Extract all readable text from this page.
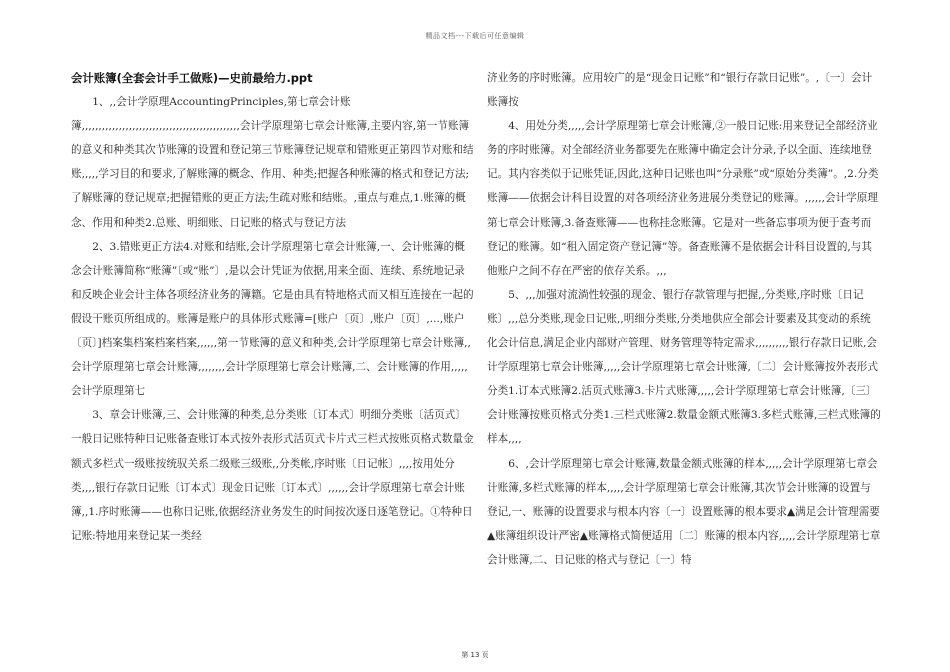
精品文档---下载后可任意编辑
会计账簿(全套会计手工做账)—史前最给力.ppt

1、,,会计学原理AccountingPrinciples,第七章会计账簿,,,,,,,,,,,,,,,,,,,,,,,,,,,,,,,,,,,,,,,,,,,,,,,会计学原理第七章会计账簿,主要内容,第一节账簿的意义和种类其次节账簿的设置和登记第三节账簿登记规章和错账更正第四节对账和结账,,,,,学习目的和要求,了解账簿的概念、作用、种类;把握各种账簿的格式和登记方法;了解账簿的登记规章;把握错账的更正方法;生疏对账和结账。,重点与难点,1.账簿的概念、作用和种类2.总账、明细账、日记账的格式与登记方法

2、3.错账更正方法4.对账和结账,会计学原理第七章会计账簿,一、会计账簿的概念会计账簿简称“账簿”〔或“账”〕,是以会计凭证为依据,用来全面、连续、系统地记录和反映企业会计主体各项经济业务的簿籍。它是由具有特地格式而又相互连接在一起的假设干账页所组成的。账簿是账户的具体形式账簿=[账户〔页〕,账户〔页〕,...,账户〔页〕]档案集档案档案档案,,,,,,第一节账簿的意义和种类,会计学原理第七章会计账簿,,会计学原理第七章会计账簿,,,,,,,,会计学原理第七章会计账簿,二、会计账簿的作用,,,,,会计学原理第七

3、章会计账簿,三、会计账簿的种类,总分类账〔订本式〕明细分类账〔活页式〕一般日记账特种日记账备查账订本式按外表形式活页式卡片式三栏式按账页格式数量金额式多栏式一级账按统驭关系二级账三级账,,分类帐,序时账〔日记帐〕,,,,按用处分类,,,,银行存款日记账〔订本式〕现金日记账〔订本式〕,,,,,,会计学原理第七章会计账簿,,1.序时账簿——也称日记账,依据经济业务发生的时间按次逐日逐笔登记。①特种日记账:特地用来登记某一类经

济业务的序时账簿。应用较广的是“现金日记账”和“银行存款日记账”。,〔一〕会计账簿按

4、用处分类,,,,,会计学原理第七章会计账簿,②一般日记账:用来登记全部经济业务的序时账簿。对全部经济业务都要先在账簿中确定会计分录,予以全面、连续地登记。其内容类似于记账凭证,因此,这种日记账也叫“分录账”或“原始分类簿”。,2.分类账簿——依据会计科目设置的对各项经济业务进展分类登记的账簿。,,,,,,会计学原理第七章会计账簿,3.备查账簿——也称挂念账簿。它是对一些备忘事项为便于查考而登记的账簿。如“租入固定资产登记簿”等。备查账簿不是依据会计科目设置的,与其他账户之间不存在严密的依存关系。,,,

5、,,,加强对流淌性较强的现金、银行存款管理与把握,,分类账,序时账〔日记账〕,,,总分类账,现金日记账,,明细分类账,分类地供应全部会计要素及其变动的系统化会计信息,满足企业内部财产管理、财务管理等特定需求,,,,,,,,,,银行存款日记账,会计学原理第七章会计账簿,,,,,会计学原理第七章会计账簿,〔二〕会计账簿按外表形式分类1.订本式账簿2.活页式账簿3.卡片式账簿,,,,,会计学原理第七章会计账簿,〔三〕会计账簿按账页格式分类1.三栏式账簿2.数量金额式账簿3.多栏式账簿,三栏式账簿的样本,,,,

6、,会计学原理第七章会计账簿,数量金额式账簿的样本,,,,,会计学原理第七章会计账簿,多栏式账簿的样本,,,,,会计学原理第七章会计账簿,其次节会计账簿的设置与登记,一、账簿的设置要求与根本内容〔一〕设置账簿的根本要求▲满足会计管理需要▲账簿组织设计严密▲账簿格式简便适用〔二〕账簿的根本内容,,,,,会计学原理第七章会计账簿,二、日记账的格式与登记〔一〕特

第 13 页
